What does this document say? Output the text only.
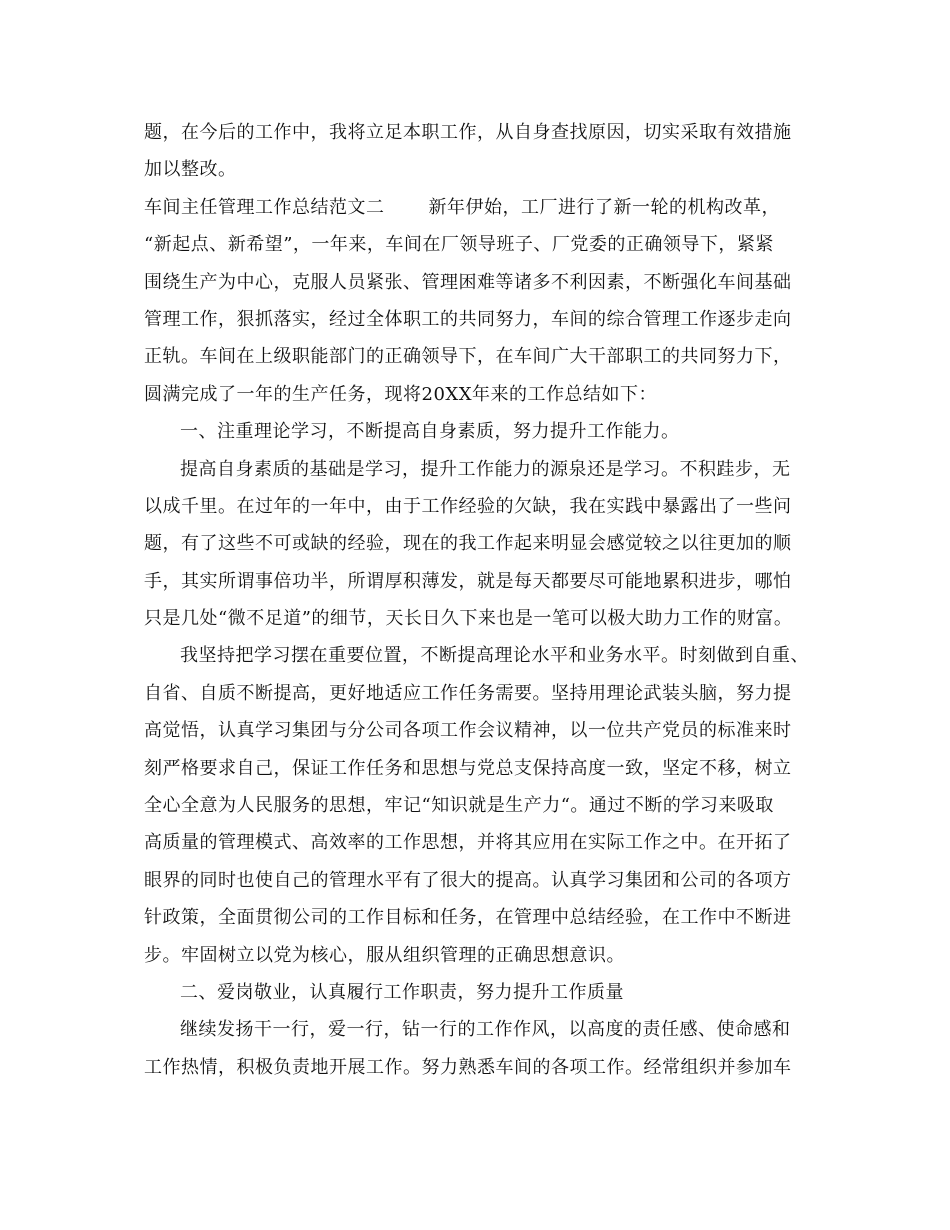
题，在今后的工作中，我将立足本职工作，从自身查找原因，切实采取有效措施
加以整改。
车间主任管理工作总结范文二 新年伊始，工厂进行了新一轮的机构改革，
“新起点、新希望”，一年来，车间在厂领导班子、厂党委的正确领导下，紧紧
围绕生产为中心，克服人员紧张、管理困难等诸多不利因素，不断强化车间基础
管理工作，狠抓落实，经过全体职工的共同努力，车间的综合管理工作逐步走向
正轨。车间在上级职能部门的正确领导下，在车间广大干部职工的共同努力下，
圆满完成了一年的生产任务，现将20XX年来的工作总结如下：
一、注重理论学习，不断提高自身素质，努力提升工作能力。
提高自身素质的基础是学习，提升工作能力的源泉还是学习。不积跬步，无
以成千里。在过年的一年中，由于工作经验的欠缺，我在实践中暴露出了一些问
题，有了这些不可或缺的经验，现在的我工作起来明显会感觉较之以往更加的顺
手，其实所谓事倍功半，所谓厚积薄发，就是每天都要尽可能地累积进步，哪怕
只是几处“微不足道”的细节，天长日久下来也是一笔可以极大助力工作的财富。
我坚持把学习摆在重要位置，不断提高理论水平和业务水平。时刻做到自重、
自省、自质不断提高，更好地适应工作任务需要。坚持用理论武装头脑，努力提
高觉悟，认真学习集团与分公司各项工作会议精神，以一位共产党员的标准来时
刻严格要求自己，保证工作任务和思想与党总支保持高度一致，坚定不移，树立
全心全意为人民服务的思想，牢记“知识就是生产力“。通过不断的学习来吸取
高质量的管理模式、高效率的工作思想，并将其应用在实际工作之中。在开拓了
眼界的同时也使自己的管理水平有了很大的提高。认真学习集团和公司的各项方
针政策，全面贯彻公司的工作目标和任务，在管理中总结经验，在工作中不断进
步。牢固树立以党为核心，服从组织管理的正确思想意识。
二、爱岗敬业，认真履行工作职责，努力提升工作质量
继续发扬干一行，爱一行，钻一行的工作作风，以高度的责任感、使命感和
工作热情，积极负责地开展工作。努力熟悉车间的各项工作。经常组织并参加车
